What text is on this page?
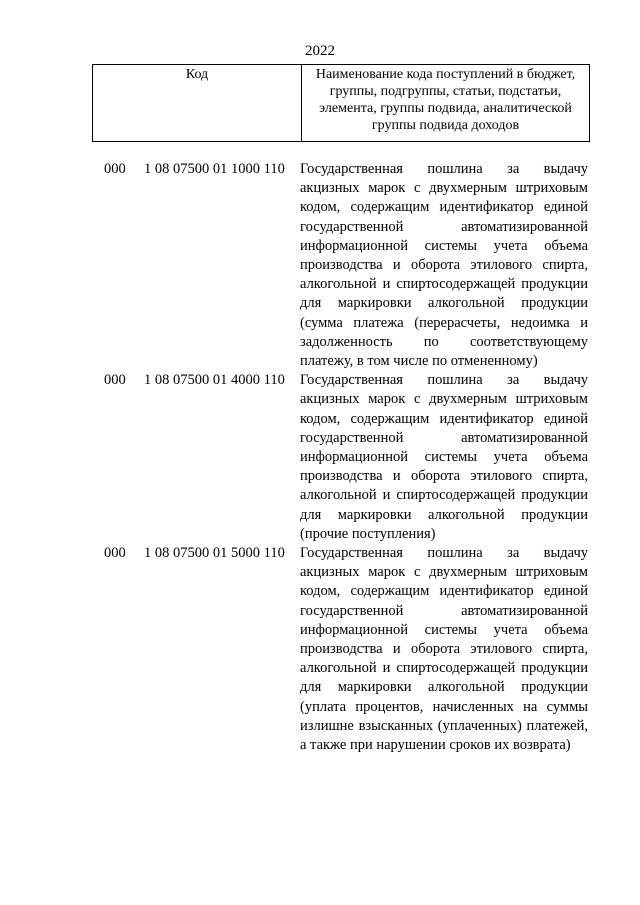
2022
Код	Наименование кода поступлений в бюджет, группы, подгруппы, статьи, подстатьи, элемента, группы подвида, аналитической группы подвида доходов
000 1 08 07500 01 1000 110 Государственная пошлина за выдачу акцизных марок с двухмерным штриховым кодом, содержащим идентификатор единой государственной автоматизированной информационной системы учета объема производства и оборота этилового спирта, алкогольной и спиртосодержащей продукции для маркировки алкогольной продукции (сумма платежа (перерасчеты, недоимка и задолженность по соответствующему платежу, в том числе по отмененному)
000 1 08 07500 01 4000 110 Государственная пошлина за выдачу акцизных марок с двухмерным штриховым кодом, содержащим идентификатор единой государственной автоматизированной информационной системы учета объема производства и оборота этилового спирта, алкогольной и спиртосодержащей продукции для маркировки алкогольной продукции (прочие поступления)
000 1 08 07500 01 5000 110 Государственная пошлина за выдачу акцизных марок с двухмерным штриховым кодом, содержащим идентификатор единой государственной автоматизированной информационной системы учета объема производства и оборота этилового спирта, алкогольной и спиртосодержащей продукции для маркировки алкогольной продукции (уплата процентов, начисленных на суммы излишне взысканных (уплаченных) платежей, а также при нарушении сроков их возврата)
